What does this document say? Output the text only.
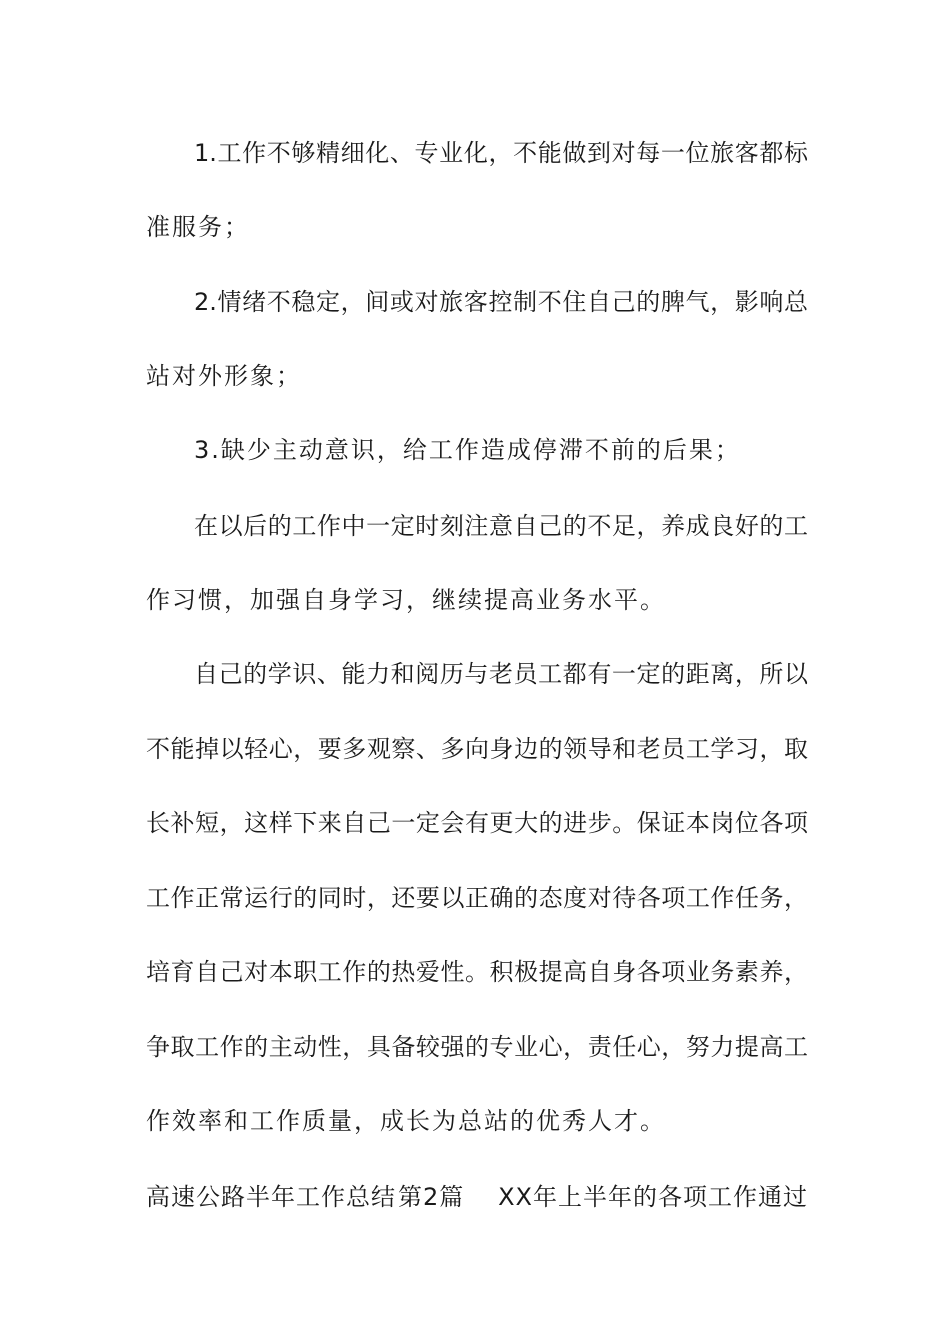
1.工作不够精细化、专业化，不能做到对每一位旅客都标
准服务；
2.情绪不稳定，间或对旅客控制不住自己的脾气，影响总
站对外形象；
3.缺少主动意识，给工作造成停滞不前的后果；
在以后的工作中一定时刻注意自己的不足，养成良好的工
作习惯，加强自身学习，继续提高业务水平。
自己的学识、能力和阅历与老员工都有一定的距离，所以
不能掉以轻心，要多观察、多向身边的领导和老员工学习，取
长补短，这样下来自己一定会有更大的进步。保证本岗位各项
工作正常运行的同时，还要以正确的态度对待各项工作任务，
培育自己对本职工作的热爱性。积极提高自身各项业务素养，
争取工作的主动性，具备较强的专业心，责任心，努力提高工
作效率和工作质量，成长为总站的优秀人才。
高速公路半年工作总结 第2篇 XX年上半年的各项工作通过
